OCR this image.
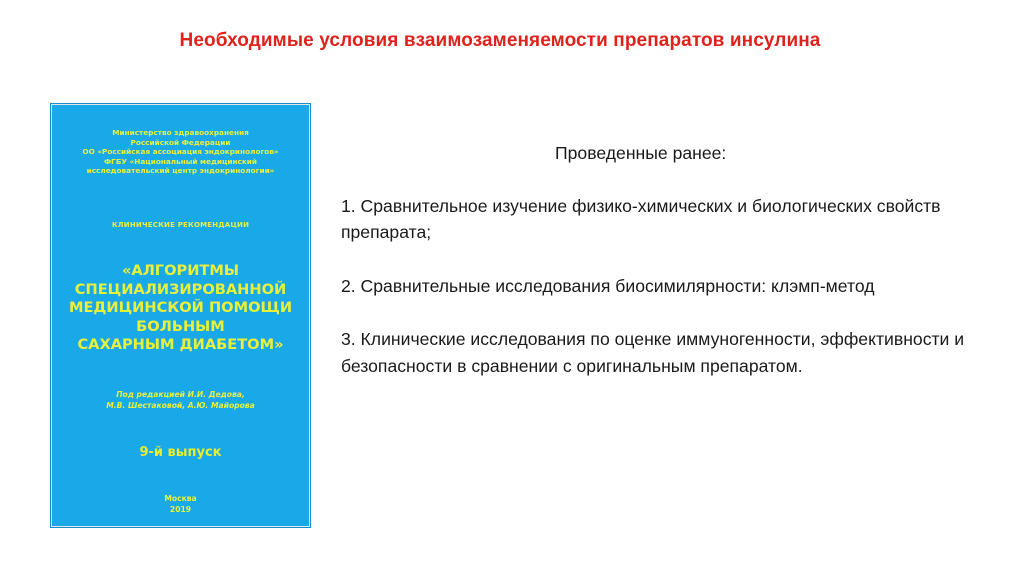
Необходимые условия взаимозаменяемости препаратов инсулина
Министерство здравоохранения
Российской Федерации
ОО «Российская ассоциация эндокринологов»
ФГБУ «Национальный медицинский
исследовательский центр эндокринологии»
КЛИНИЧЕСКИЕ РЕКОМЕНДАЦИИ
«АЛГОРИТМЫ
СПЕЦИАЛИЗИРОВАННОЙ
МЕДИЦИНСКОЙ ПОМОЩИ
БОЛЬНЫМ
САХАРНЫМ ДИАБЕТОМ»
Под редакцией И.И. Дедова,
М.В. Шестаковой, А.Ю. Майорова
9-й выпуск
Москва
2019
Проведенные ранее:

1. Сравнительное изучение физико-химических и биологических свойств препарата;

2. Сравнительные исследования биосимилярности: клэмп-метод

3. Клинические исследования по оценке иммуногенности, эффективности и безопасности в сравнении с оригинальным препаратом.
